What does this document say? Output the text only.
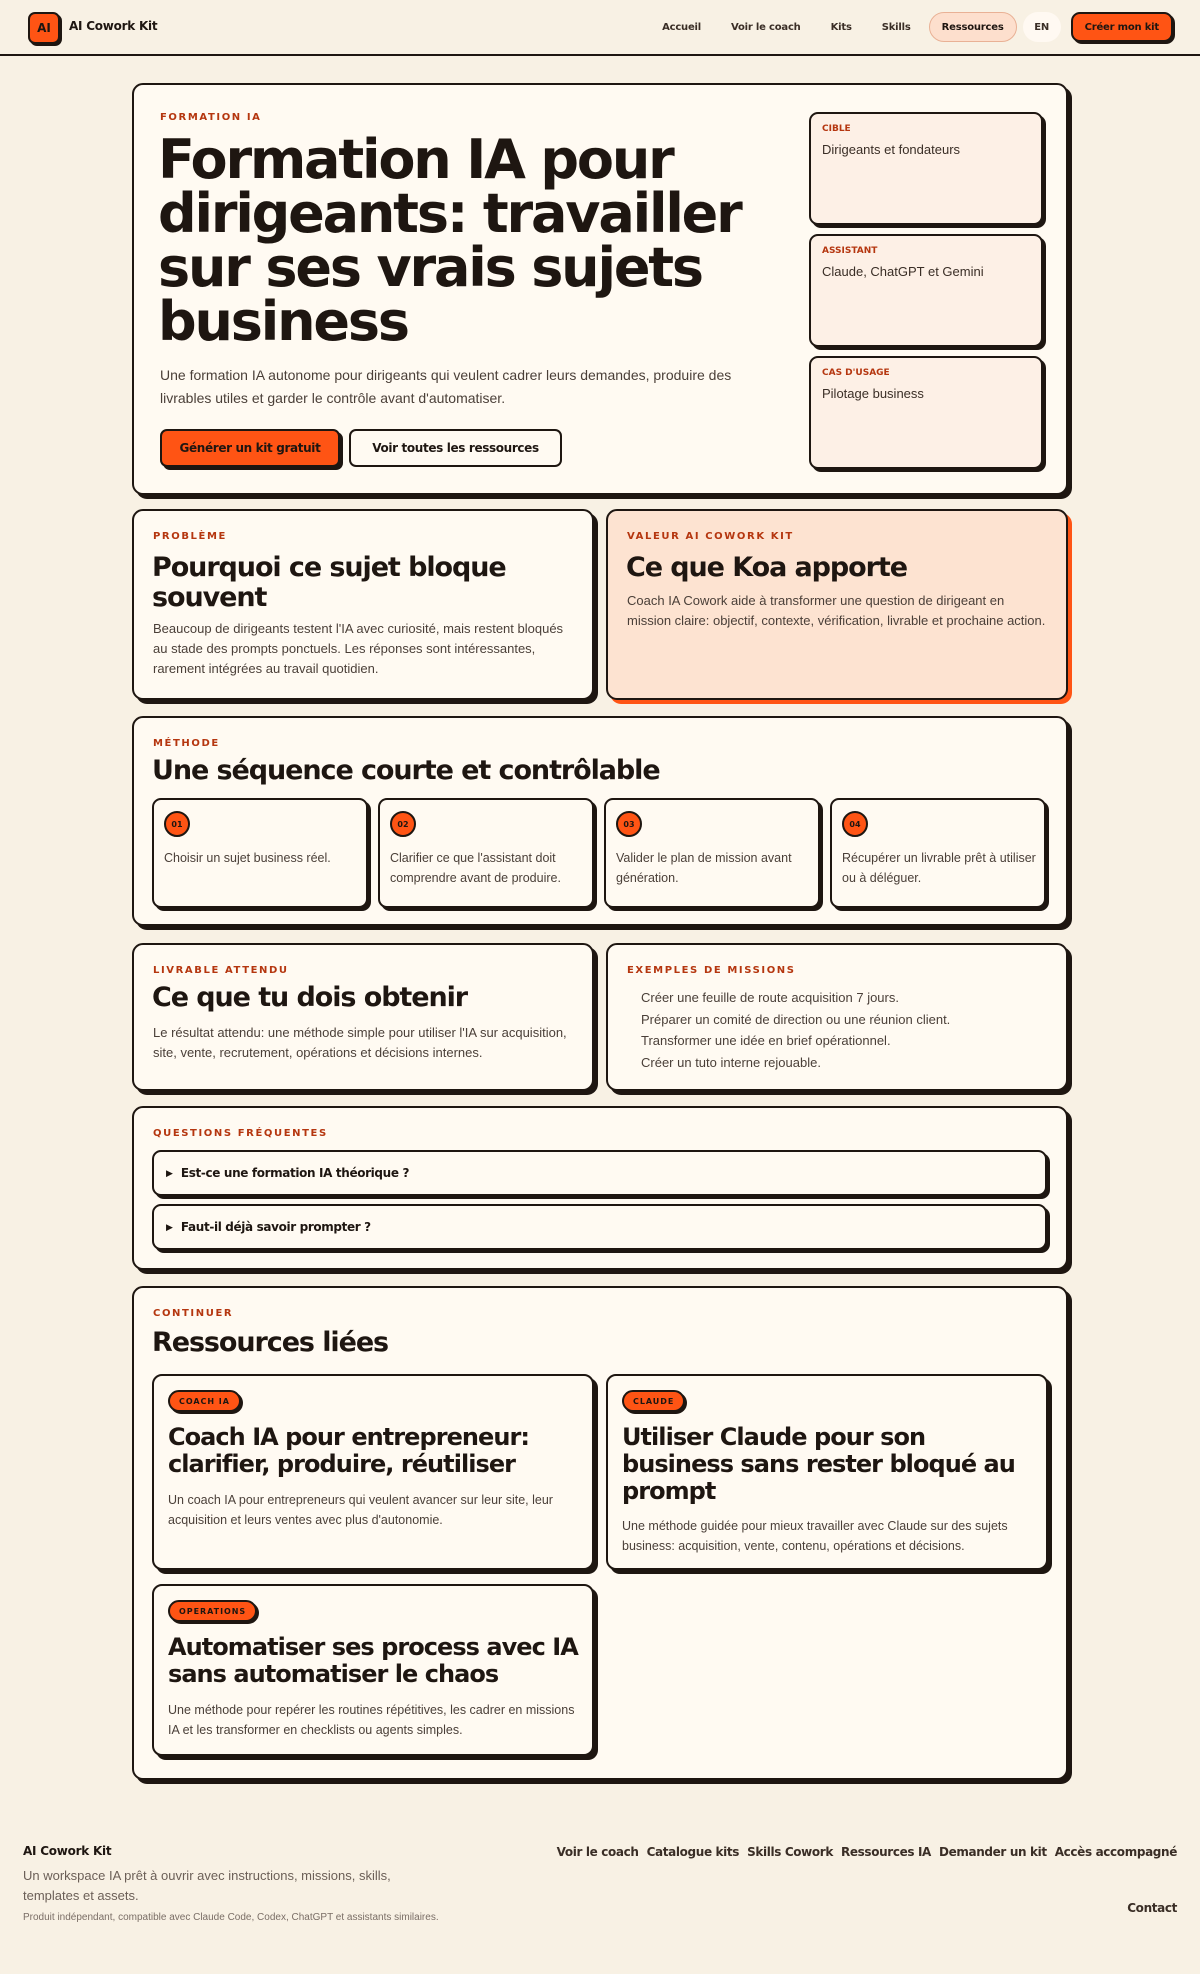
AI	AI Cowork Kit	Accueil	Voir le coach	Kits	Skills	Ressources	EN	Créer mon kit
FORMATION IA
Formation IA pour dirigeants: travailler sur ses vrais sujets business

Une formation IA autonome pour dirigeants qui veulent cadrer leurs demandes, produire des livrables utiles et garder le contrôle avant d'automatiser.

Générer un kit gratuit	Voir toutes les ressources
CIBLE
Dirigeants et fondateurs
ASSISTANT
Claude, ChatGPT et Gemini
CAS D'USAGE
Pilotage business
PROBLÈME
Pourquoi ce sujet bloque souvent

Beaucoup de dirigeants testent l'IA avec curiosité, mais restent bloqués au stade des prompts ponctuels. Les réponses sont intéressantes, rarement intégrées au travail quotidien.

VALEUR AI COWORK KIT
Ce que Koa apporte

Coach IA Cowork aide à transformer une question de dirigeant en mission claire: objectif, contexte, vérification, livrable et prochaine action.

MÉTHODE
Une séquence courte et contrôlable
01
Choisir un sujet business réel.
02
Clarifier ce que l'assistant doit comprendre avant de produire.
03
Valider le plan de mission avant génération.
04
Récupérer un livrable prêt à utiliser ou à déléguer.
LIVRABLE ATTENDU
Ce que tu dois obtenir

Le résultat attendu: une méthode simple pour utiliser l'IA sur acquisition, site, vente, recrutement, opérations et décisions internes.

EXEMPLES DE MISSIONS
Créer une feuille de route acquisition 7 jours.
Préparer un comité de direction ou une réunion client.
Transformer une idée en brief opérationnel.
Créer un tuto interne rejouable.
QUESTIONS FRÉQUENTES
▶ Est-ce une formation IA théorique ?
▶ Faut-il déjà savoir prompter ?
CONTINUER
Ressources liées
COACH IA
Coach IA pour entrepreneur: clarifier, produire, réutiliser
Un coach IA pour entrepreneurs qui veulent avancer sur leur site, leur acquisition et leurs ventes avec plus d'autonomie.
CLAUDE
Utiliser Claude pour son business sans rester bloqué au prompt
Une méthode guidée pour mieux travailler avec Claude sur des sujets business: acquisition, vente, contenu, opérations et décisions.
OPERATIONS
Automatiser ses process avec IA sans automatiser le chaos
Une méthode pour repérer les routines répétitives, les cadrer en missions IA et les transformer en checklists ou agents simples.
AI Cowork Kit

Un workspace IA prêt à ouvrir avec instructions, missions, skills, templates et assets.

Produit indépendant, compatible avec Claude Code, Codex, ChatGPT et assistants similaires.

Voir le coach Catalogue kits Skills Cowork Ressources IA Demander un kit Accès accompagné
Contact
